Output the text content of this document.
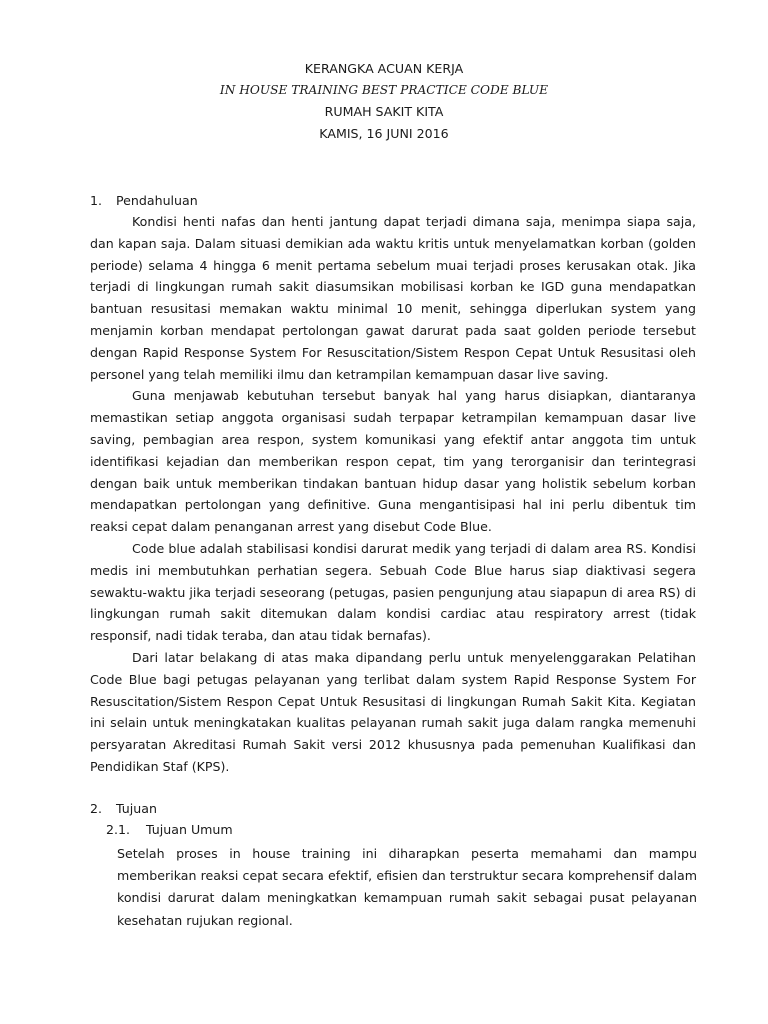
KERANGKA ACUAN KERJA
IN HOUSE TRAINING BEST PRACTICE CODE BLUE
RUMAH SAKIT KITA
KAMIS, 16 JUNI 2016
1. Pendahuluan

Kondisi henti nafas dan henti jantung dapat terjadi dimana saja, menimpa siapa saja, dan kapan saja. Dalam situasi demikian ada waktu kritis untuk menyelamatkan korban (golden periode) selama 4 hingga 6 menit pertama sebelum muai terjadi proses kerusakan otak. Jika terjadi di lingkungan rumah sakit diasumsikan mobilisasi korban ke IGD guna mendapatkan bantuan resusitasi memakan waktu minimal 10 menit, sehingga diperlukan system yang menjamin korban mendapat pertolongan gawat darurat pada saat golden periode tersebut dengan Rapid Response System For Resuscitation/Sistem Respon Cepat Untuk Resusitasi oleh personel yang telah memiliki ilmu dan ketrampilan kemampuan dasar live saving.

Guna menjawab kebutuhan tersebut banyak hal yang harus disiapkan, diantaranya memastikan setiap anggota organisasi sudah terpapar ketrampilan kemampuan dasar live saving, pembagian area respon, system komunikasi yang efektif antar anggota tim untuk identifikasi kejadian dan memberikan respon cepat, tim yang terorganisir dan terintegrasi dengan baik untuk memberikan tindakan bantuan hidup dasar yang holistik sebelum korban mendapatkan pertolongan yang definitive. Guna mengantisipasi hal ini perlu dibentuk tim reaksi cepat dalam penanganan arrest yang disebut Code Blue.

Code blue adalah stabilisasi kondisi darurat medik yang terjadi di dalam area RS. Kondisi medis ini membutuhkan perhatian segera. Sebuah Code Blue harus siap diaktivasi segera sewaktu-waktu jika terjadi seseorang (petugas, pasien pengunjung atau siapapun di area RS) di lingkungan rumah sakit ditemukan dalam kondisi cardiac atau respiratory arrest (tidak responsif, nadi tidak teraba, dan atau tidak bernafas).

Dari latar belakang di atas maka dipandang perlu untuk menyelenggarakan Pelatihan Code Blue bagi petugas pelayanan yang terlibat dalam system Rapid Response System For Resuscitation/Sistem Respon Cepat Untuk Resusitasi di lingkungan Rumah Sakit Kita. Kegiatan ini selain untuk meningkatakan kualitas pelayanan rumah sakit juga dalam rangka memenuhi persyaratan Akreditasi Rumah Sakit versi 2012 khususnya pada pemenuhan Kualifikasi dan Pendidikan Staf (KPS).

2. Tujuan
2.1. Tujuan Umum

Setelah proses in house training ini diharapkan peserta memahami dan mampu memberikan reaksi cepat secara efektif, efisien dan terstruktur secara komprehensif dalam kondisi darurat dalam meningkatkan kemampuan rumah sakit sebagai pusat pelayanan kesehatan rujukan regional.
